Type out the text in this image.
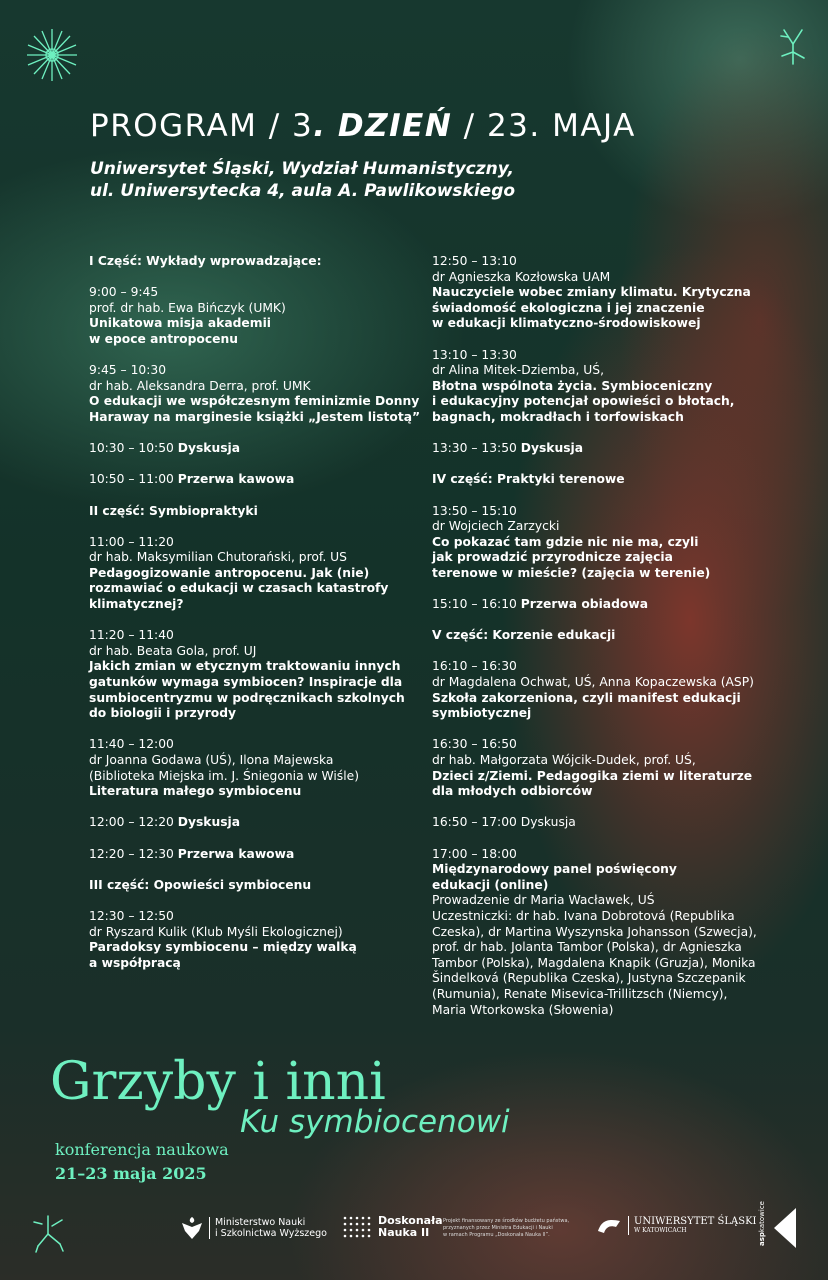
PROGRAM / 3. DZIEŃ / 23. MAJA
Uniwersytet Śląski, Wydział Humanistyczny,
ul. Uniwersytecka 4, aula A. Pawlikowskiego
I Część: Wykłady wprowadzające:
9:00 – 9:45
prof. dr hab. Ewa Bińczyk (UMK)
Unikatowa misja akademii
w epoce antropocenu
9:45 – 10:30
dr hab. Aleksandra Derra, prof. UMK
O edukacji we współczesnym feminizmie Donny
Haraway na marginesie książki „Jestem listotą”
10:30 – 10:50 Dyskusja
10:50 – 11:00 Przerwa kawowa
II część: Symbiopraktyki
11:00 – 11:20
dr hab. Maksymilian Chutorański, prof. US
Pedagogizowanie antropocenu. Jak (nie)
rozmawiać o edukacji w czasach katastrofy
klimatycznej?
11:20 – 11:40
dr hab. Beata Gola, prof. UJ
Jakich zmian w etycznym traktowaniu innych
gatunków wymaga symbiocen? Inspiracje dla
sumbiocentryzmu w podręcznikach szkolnych
do biologii i przyrody
11:40 – 12:00
dr Joanna Godawa (UŚ), Ilona Majewska
(Biblioteka Miejska im. J. Śniegonia w Wiśle)
Literatura małego symbiocenu
12:00 – 12:20 Dyskusja
12:20 – 12:30 Przerwa kawowa
III część: Opowieści symbiocenu
12:30 – 12:50
dr Ryszard Kulik (Klub Myśli Ekologicznej)
Paradoksy symbiocenu – między walką
a współpracą
12:50 – 13:10
dr Agnieszka Kozłowska UAM
Nauczyciele wobec zmiany klimatu. Krytyczna
świadomość ekologiczna i jej znaczenie
w edukacji klimatyczno-środowiskowej
13:10 – 13:30
dr Alina Mitek-Dziemba, UŚ,
Błotna wspólnota życia. Symbioceniczny
i edukacyjny potencjał opowieści o błotach,
bagnach, mokradłach i torfowiskach
13:30 – 13:50 Dyskusja
IV część: Praktyki terenowe
13:50 – 15:10
dr Wojciech Zarzycki
Co pokazać tam gdzie nic nie ma, czyli
jak prowadzić przyrodnicze zajęcia
terenowe w mieście? (zajęcia w terenie)
15:10 – 16:10 Przerwa obiadowa
V część: Korzenie edukacji
16:10 – 16:30
dr Magdalena Ochwat, UŚ, Anna Kopaczewska (ASP)
Szkoła zakorzeniona, czyli manifest edukacji
symbiotycznej
16:30 – 16:50
dr hab. Małgorzata Wójcik-Dudek, prof. UŚ,
Dzieci z/Ziemi. Pedagogika ziemi w literaturze
dla młodych odbiorców
16:50 – 17:00 Dyskusja
17:00 – 18:00
Międzynarodowy panel poświęcony
edukacji (online)
Prowadzenie dr Maria Wacławek, UŚ
Uczestniczki: dr hab. Ivana Dobrotová (Republika
Czeska), dr Martina Wyszynska Johansson (Szwecja),
prof. dr hab. Jolanta Tambor (Polska), dr Agnieszka
Tambor (Polska), Magdalena Knapik (Gruzja), Monika
Šindelková (Republika Czeska), Justyna Szczepanik
(Rumunia), Renate Misevica-Trillitzsch (Niemcy),
Maria Wtorkowska (Słowenia)
Grzyby i inni
Ku symbiocenowi
konferencja naukowa
21–23 maja 2025
Ministerstwo Nauki
i Szkolnictwa Wyższego
Doskonała
Nauka II
Projekt finansowany ze środków budżetu państwa,
przyznanych przez Ministra Edukacji i Nauki
w ramach Programu „Doskonała Nauka II”.
UNIWERSYTET ŚLĄSKI
W KATOWICACH
aspkatowice
